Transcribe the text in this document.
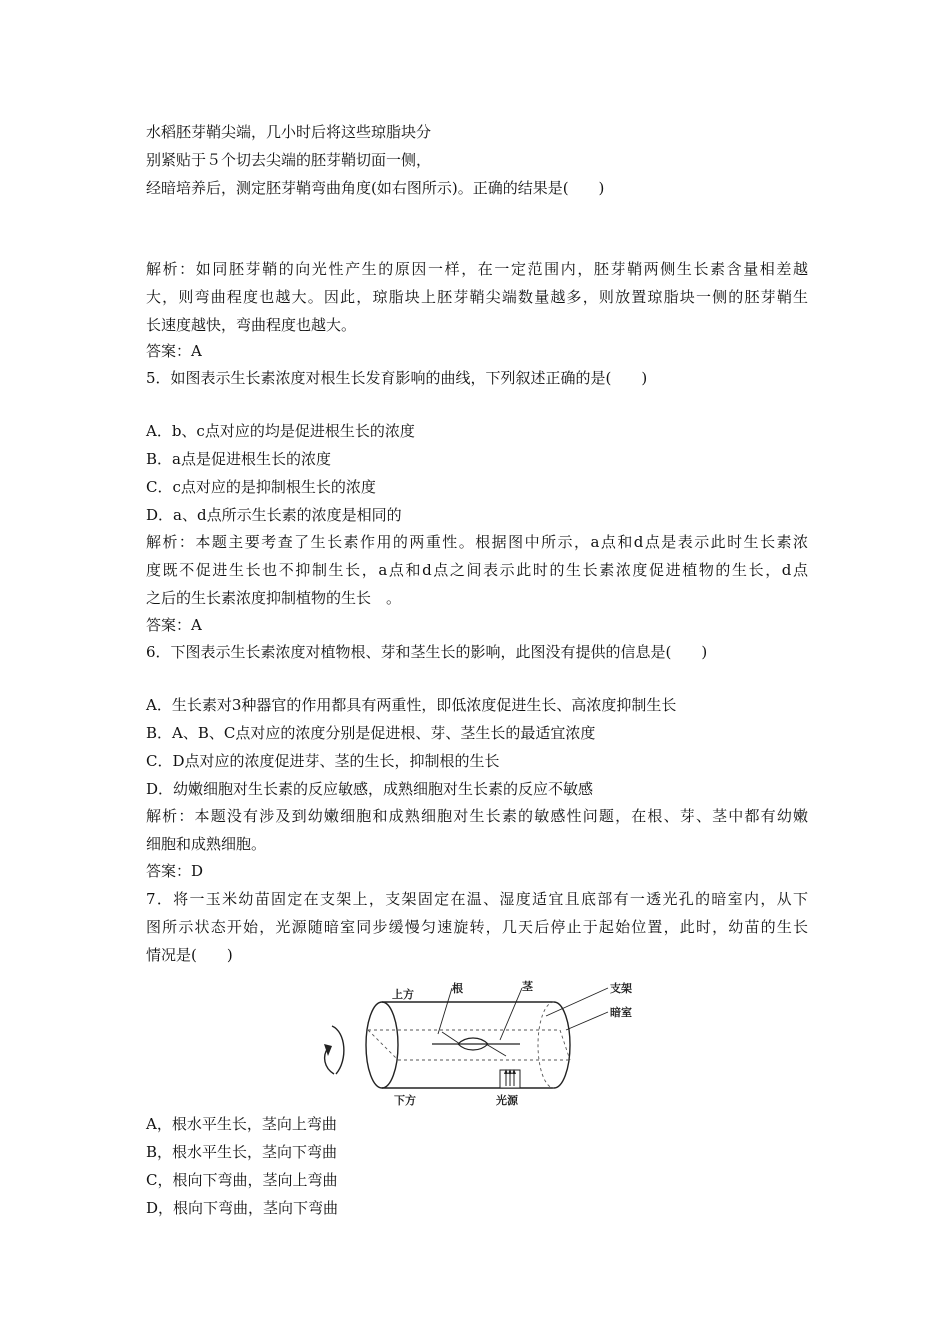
水稻胚芽鞘尖端，几小时后将这些琼脂块分
别紧贴于５个切去尖端的胚芽鞘切面一侧，
经暗培养后，测定胚芽鞘弯曲角度(如右图所示)。正确的结果是(　　)
解析：如同胚芽鞘的向光性产生的原因一样，在一定范围内，胚芽鞘两侧生长素含量相差越
大，则弯曲程度也越大。因此，琼脂块上胚芽鞘尖端数量越多，则放置琼脂块一侧的胚芽鞘生
长速度越快，弯曲程度也越大。
答案：A
5．如图表示生长素浓度对根生长发育影响的曲线，下列叙述正确的是(　　)
A．b、c点对应的均是促进根生长的浓度
B．a点是促进根生长的浓度
C．c点对应的是抑制根生长的浓度
D．a、d点所示生长素的浓度是相同的
解析：本题主要考查了生长素作用的两重性。根据图中所示，a点和d点是表示此时生长素浓
度既不促进生长也不抑制生长，a点和d点之间表示此时的生长素浓度促进植物的生长，d点
之后的生长素浓度抑制植物的生长　。
答案：A
6．下图表示生长素浓度对植物根、芽和茎生长的影响，此图没有提供的信息是(　　)
A．生长素对3种器官的作用都具有两重性，即低浓度促进生长、高浓度抑制生长
B．A、B、C点对应的浓度分别是促进根、芽、茎生长的最适宜浓度
C．D点对应的浓度促进芽、茎的生长，抑制根的生长
D．幼嫩细胞对生长素的反应敏感，成熟细胞对生长素的反应不敏感
解析：本题没有涉及到幼嫩细胞和成熟细胞对生长素的敏感性问题，在根、芽、茎中都有幼嫩
细胞和成熟细胞。
答案：D
7．将一玉米幼苗固定在支架上，支架固定在温、湿度适宜且底部有一透光孔的暗室内，从下
图所示状态开始，光源随暗室同步缓慢匀速旋转，几天后停止于起始位置，此时，幼苗的生长
情况是(　　)
上方
下方
根	茎	支架
暗室
光源
A，根水平生长，茎向上弯曲
B，根水平生长，茎向下弯曲
C，根向下弯曲，茎向上弯曲
D，根向下弯曲，茎向下弯曲
